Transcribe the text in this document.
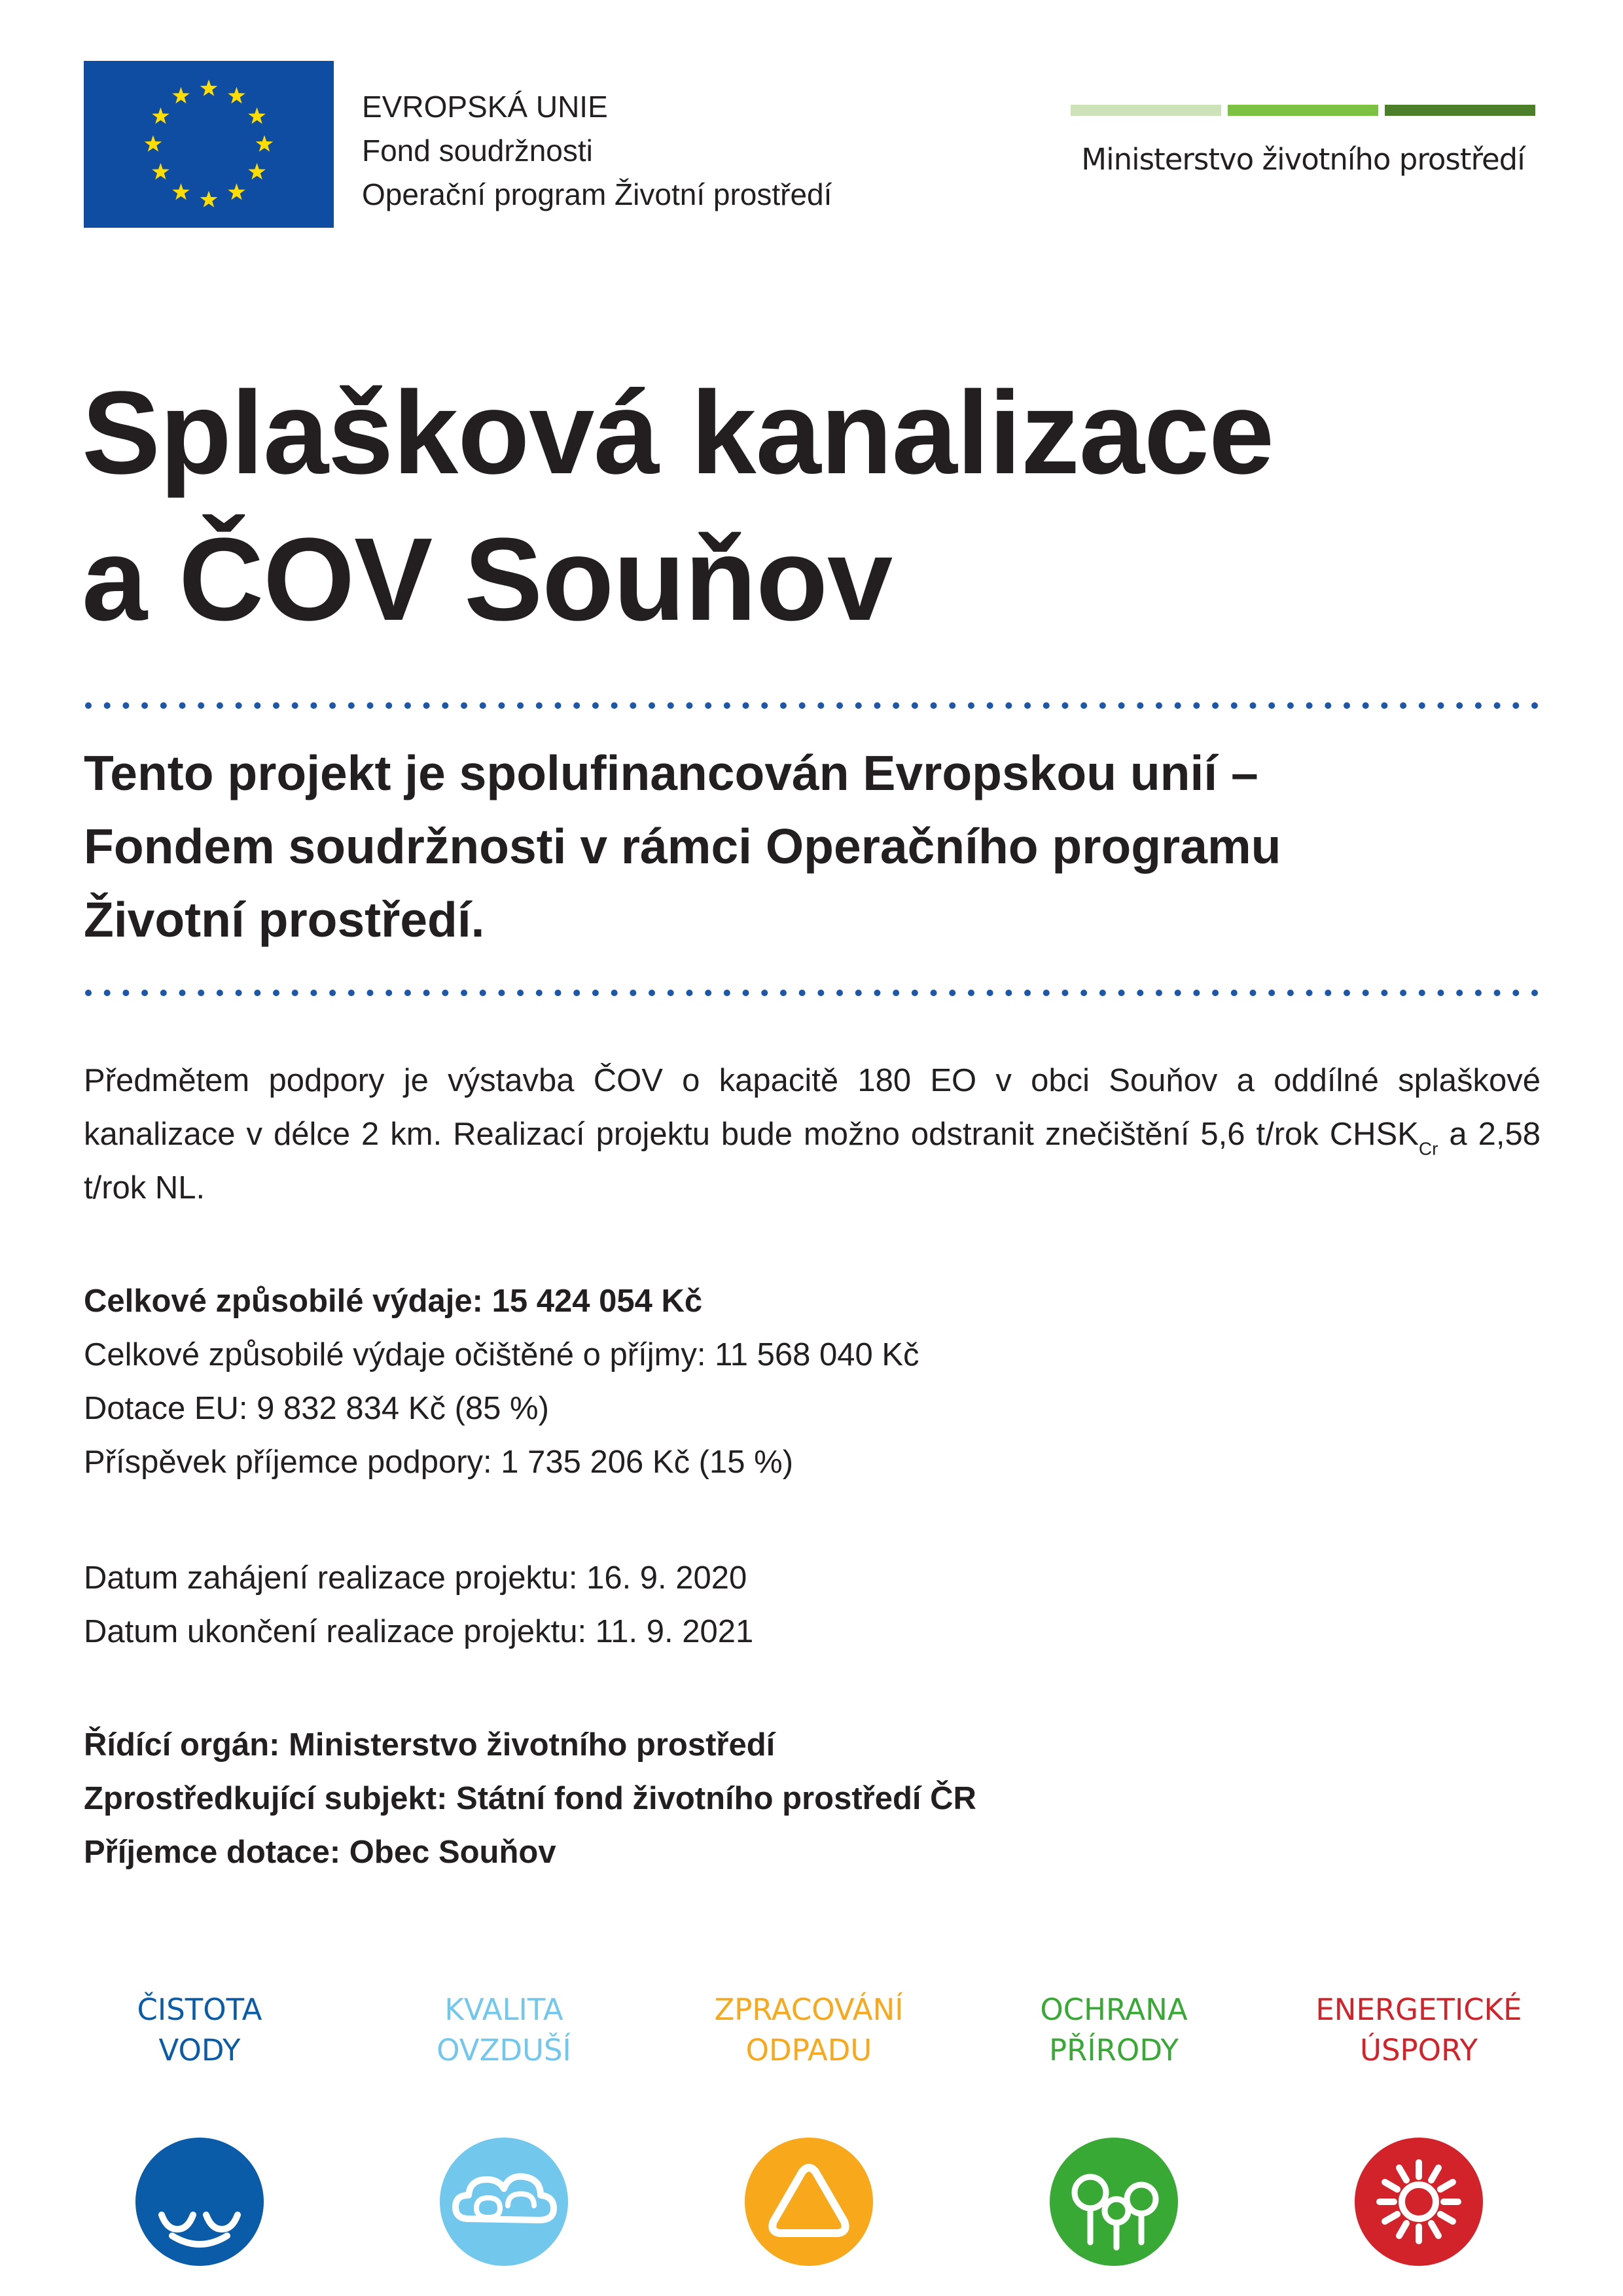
EVROPSKÁ UNIE
Fond soudržnosti
Operační program Životní prostředí
Ministerstvo životního prostředí
Splašková kanalizace
a ČOV Souňov
Tento projekt je spolufinancován Evropskou unií –
Fondem soudržnosti v rámci Operačního programu
Životní prostředí.

Předmětem podpory je výstavba ČOV o kapacitě 180 EO v obci Souňov a oddílné splaškové kanalizace v délce 2 km. Realizací projektu bude možno odstranit znečištění 5,6 t/rok $CHSK_{Cr}$ a 2,58 t/rok NL.

Celkové způsobilé výdaje: 15 424 054 Kč
Celkové způsobilé výdaje očištěné o příjmy: 11 568 040 Kč
Dotace EU: 9 832 834 Kč (85 %)
Příspěvek příjemce podpory: 1 735 206 Kč (15 %)
Datum zahájení realizace projektu: 16. 9. 2020
Datum ukončení realizace projektu: 11. 9. 2021
Řídící orgán: Ministerstvo životního prostředí
Zprostředkující subjekt: Státní fond životního prostředí ČR
Příjemce dotace: Obec Souňov
ČISTOTA
VODY
KVALITA
OVZDUŠÍ
ZPRACOVÁNÍ
ODPADU
OCHRANA
PŘÍRODY
ENERGETICKÉ
ÚSPORY
